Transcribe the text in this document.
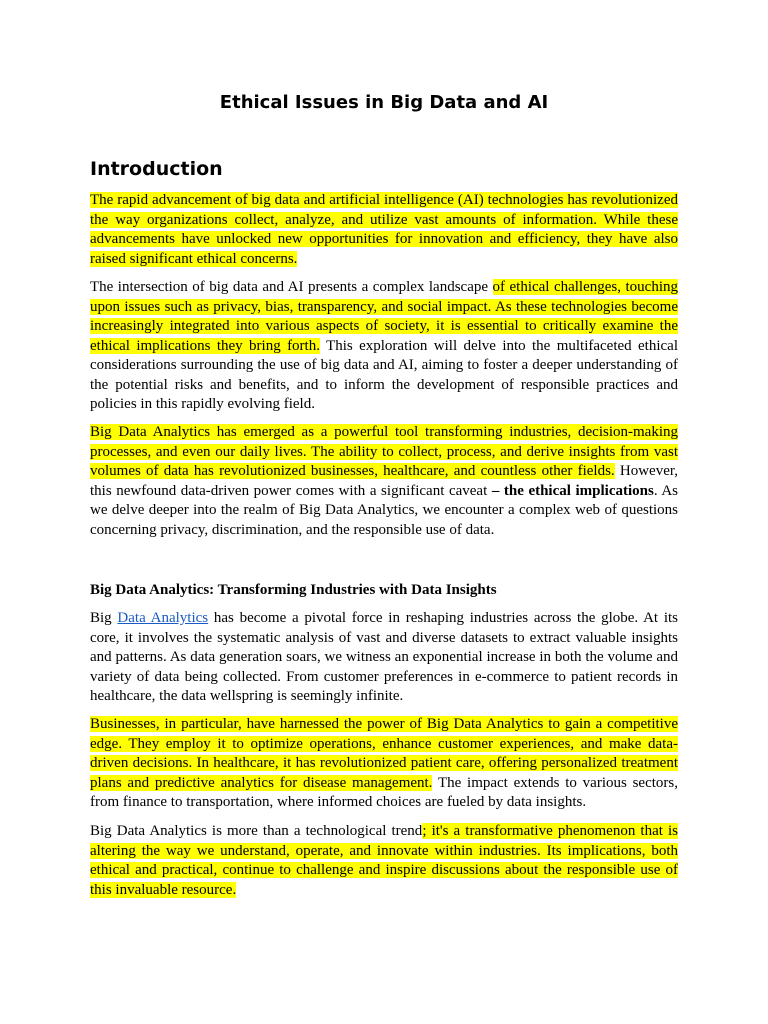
Ethical Issues in Big Data and AI
Introduction

The rapid advancement of big data and artificial intelligence (AI) technologies has revolutionized the way organizations collect, analyze, and utilize vast amounts of information. While these advancements have unlocked new opportunities for innovation and efficiency, they have also raised significant ethical concerns.

The intersection of big data and AI presents a complex landscape of ethical challenges, touching upon issues such as privacy, bias, transparency, and social impact. As these technologies become increasingly integrated into various aspects of society, it is essential to critically examine the ethical implications they bring forth. This exploration will delve into the multifaceted ethical considerations surrounding the use of big data and AI, aiming to foster a deeper understanding of the potential risks and benefits, and to inform the development of responsible practices and policies in this rapidly evolving field.

Big Data Analytics has emerged as a powerful tool transforming industries, decision-making processes, and even our daily lives. The ability to collect, process, and derive insights from vast volumes of data has revolutionized businesses, healthcare, and countless other fields. However, this newfound data-driven power comes with a significant caveat – the ethical implications. As we delve deeper into the realm of Big Data Analytics, we encounter a complex web of questions concerning privacy, discrimination, and the responsible use of data.

Big Data Analytics: Transforming Industries with Data Insights

Big Data Analytics has become a pivotal force in reshaping industries across the globe. At its core, it involves the systematic analysis of vast and diverse datasets to extract valuable insights and patterns. As data generation soars, we witness an exponential increase in both the volume and variety of data being collected. From customer preferences in e-commerce to patient records in healthcare, the data wellspring is seemingly infinite.

Businesses, in particular, have harnessed the power of Big Data Analytics to gain a competitive edge. They employ it to optimize operations, enhance customer experiences, and make data-driven decisions. In healthcare, it has revolutionized patient care, offering personalized treatment plans and predictive analytics for disease management. The impact extends to various sectors, from finance to transportation, where informed choices are fueled by data insights.

Big Data Analytics is more than a technological trend; it's a transformative phenomenon that is altering the way we understand, operate, and innovate within industries. Its implications, both ethical and practical, continue to challenge and inspire discussions about the responsible use of this invaluable resource.
